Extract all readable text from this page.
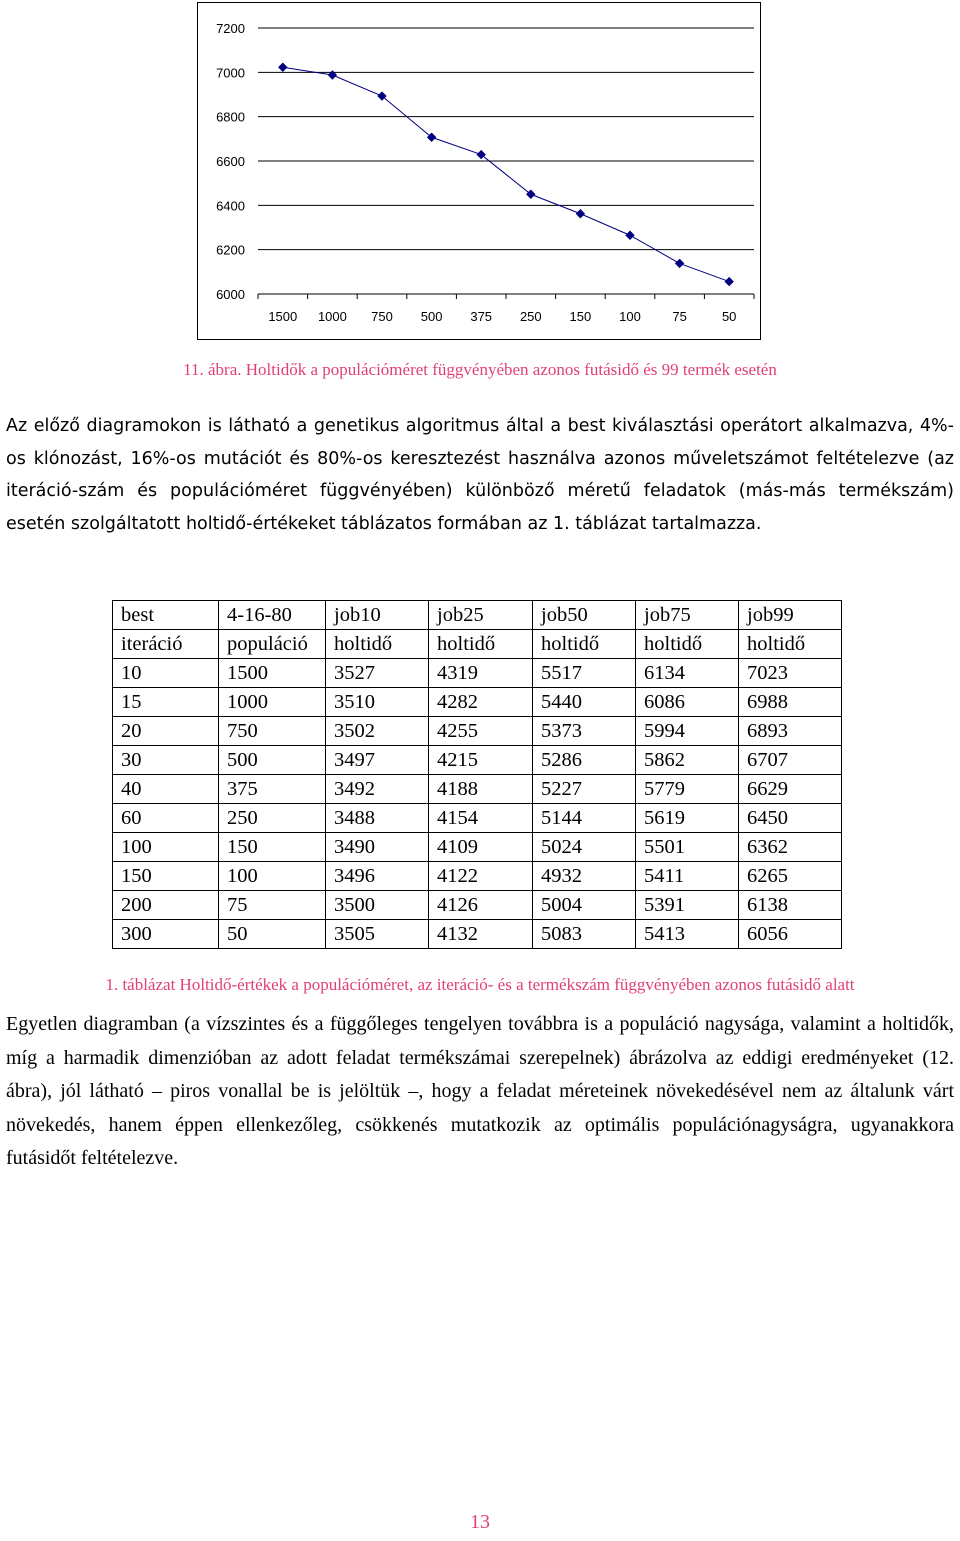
7200
7000
6800
6600
6400
6200
6000
1500 1000 750 500 375 250 150 100 75	50

11. ábra. Holtidők a populációméret függvényében azonos futásidő és 99 termék esetén

Az előző diagramokon is látható a genetikus algoritmus által a best kiválasztási operátort alkalmazva, 4%-os klónozást, 16%-os mutációt és 80%-os keresztezést használva azonos műveletszámot feltételezve (az iteráció-szám és populációméret függvényében) különböző méretű feladatok (más-más termékszám) esetén szolgáltatott holtidő-értékeket táblázatos formában az 1. táblázat tartalmazza.

best	4-16-80	job10	job25	job50	job75	job99
iteráció	populáció	holtidő	holtidő	holtidő	holtidő	holtidő
10	1500	3527	4319	5517	6134	7023
15	1000	3510	4282	5440	6086	6988
20	750	3502	4255	5373	5994	6893
30	500	3497	4215	5286	5862	6707
40	375	3492	4188	5227	5779	6629
60	250	3488	4154	5144	5619	6450
100	150	3490	4109	5024	5501	6362
150	100	3496	4122	4932	5411	6265
200	75	3500	4126	5004	5391	6138
300	50	3505	4132	5083	5413	6056

1. táblázat Holtidő-értékek a populációméret, az iteráció- és a termékszám függvényében azonos futásidő alatt

Egyetlen diagramban (a vízszintes és a függőleges tengelyen továbbra is a populáció nagysága, valamint a holtidők, míg a harmadik dimenzióban az adott feladat termékszámai szerepelnek) ábrázolva az eddigi eredményeket (12. ábra), jól látható – piros vonallal be is jelöltük –, hogy a feladat méreteinek növekedésével nem az általunk várt növekedés, hanem éppen ellenkezőleg, csökkenés mutatkozik az optimális populációnagyságra, ugyanakkora futásidőt feltételezve.

13
